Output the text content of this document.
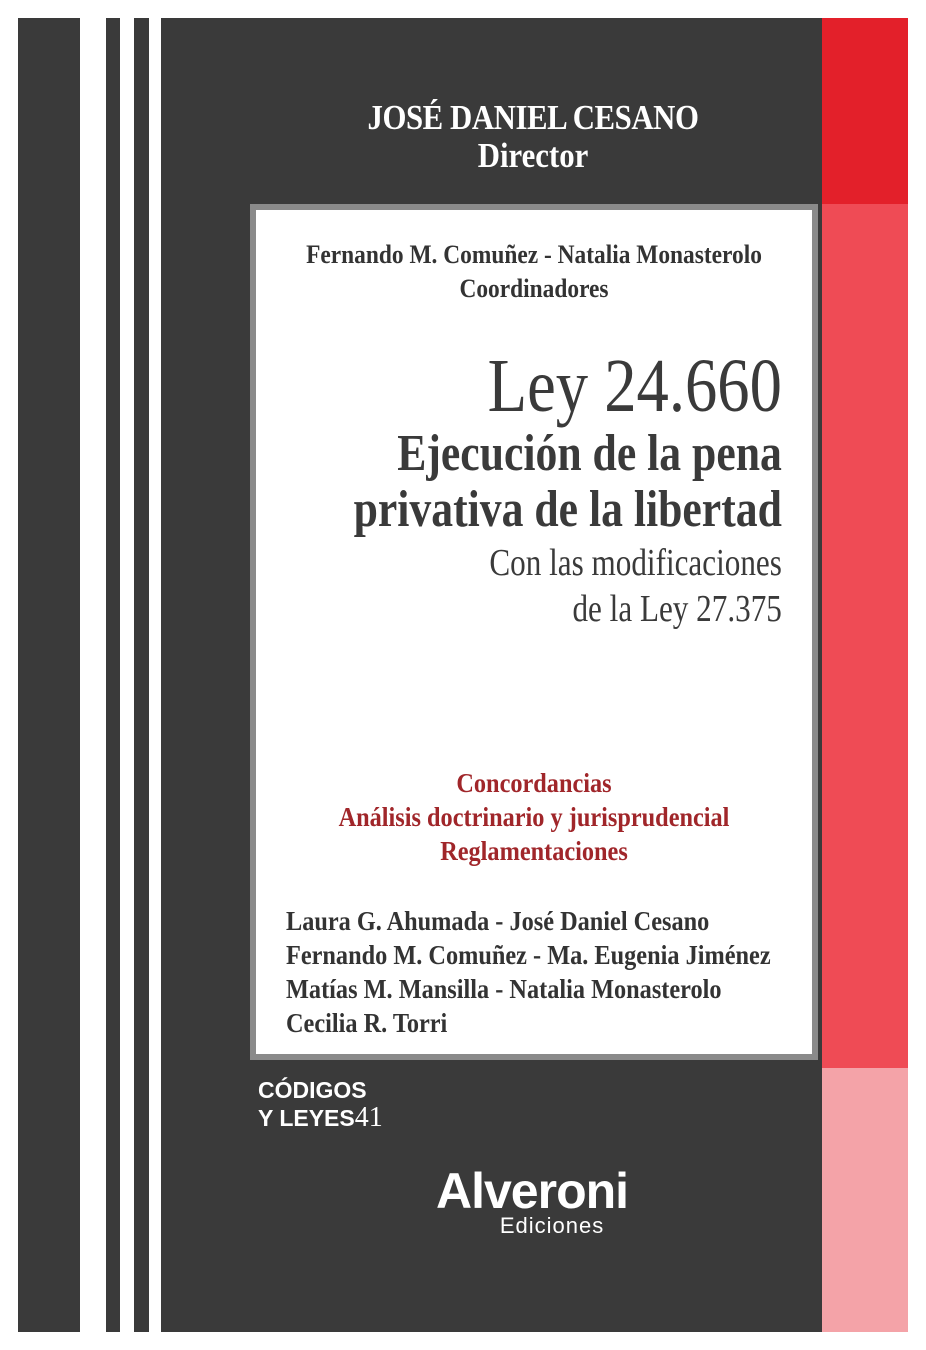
JOSÉ DANIEL CESANO
Director
Fernando M. Comuñez - Natalia Monasterolo
Coordinadores
Ley 24.660
Ejecución de la pena
privativa de la libertad
Con las modificaciones
de la Ley 27.375
Concordancias
Análisis doctrinario y jurisprudencial
Reglamentaciones
Laura G. Ahumada - José Daniel Cesano
Fernando M. Comuñez - Ma. Eugenia Jiménez
Matías M. Mansilla - Natalia Monasterolo
Cecilia R. Torri
CÓDIGOS
Y LEYES41
Alveroni
Ediciones
